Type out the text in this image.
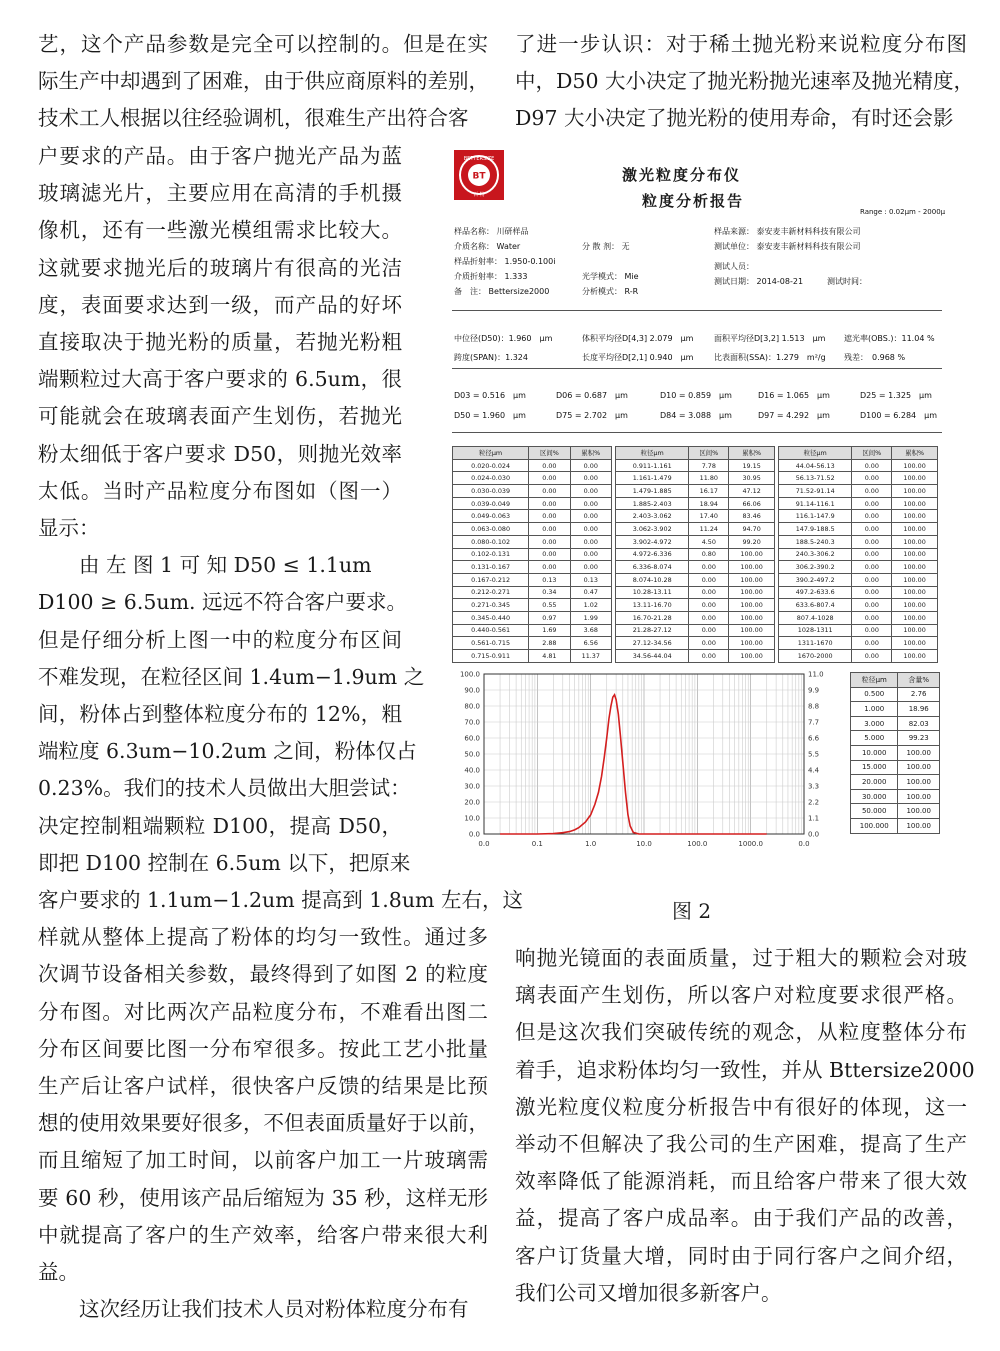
艺，这个产品参数是完全可以控制的。但是在实
际生产中却遇到了困难，由于供应商原料的差别，
技术工人根据以往经验调机，很难生产出符合客
户要求的产品。由于客户抛光产品为蓝
玻璃滤光片，主要应用在高清的手机摄
像机，还有一些激光模组需求比较大。
这就要求抛光后的玻璃片有很高的光洁
度，表面要求达到一级，而产品的好坏
直接取决于抛光粉的质量，若抛光粉粗
端颗粒过大高于客户要求的 6.5um，很
可能就会在玻璃表面产生划伤，若抛光
粉太细低于客户要求 D50，则抛光效率
太低。当时产品粒度分布图如（图一）
显示：
　　由 左 图 1 可 知 D50 ≤ 1.1um
D100 ≥ 6.5um. 远远不符合客户要求。
但是仔细分析上图一中的粒度分布区间
不难发现，在粒径区间 1.4um−1.9um 之
间，粉体占到整体粒度分布的 12%，粗
端粒度 6.3um−10.2um 之间，粉体仅占
0.23%。我们的技术人员做出大胆尝试：
决定控制粗端颗粒 D100，提高 D50，
即把 D100 控制在 6.5um 以下，把原来
客户要求的 1.1um−1.2um 提高到 1.8um 左右，这
样就从整体上提高了粉体的均匀一致性。通过多
次调节设备相关参数，最终得到了如图 2 的粒度
分布图。对比两次产品粒度分布，不难看出图二
分布区间要比图一分布窄很多。按此工艺小批量
生产后让客户试样，很快客户反馈的结果是比预
想的使用效果要好很多，不但表面质量好于以前，
而且缩短了加工时间，以前客户加工一片玻璃需
要 60 秒，使用该产品后缩短为 35 秒，这样无形
中就提高了客户的生产效率，给客户带来很大利
益。
　　这次经历让我们技术人员对粉体粒度分布有
了进一步认识：对于稀土抛光粉来说粒度分布图
中，D50 大小决定了抛光粉抛光速率及抛光精度，
D97 大小决定了抛光粉的使用寿命，有时还会影
响抛光镜面的表面质量，过于粗大的颗粒会对玻
璃表面产生划伤，所以客户对粒度要求很严格。
但是这次我们突破传统的观念，从粒度整体分布
着手，追求粉体均匀一致性，并从 Bttersize2000
激光粒度仪粒度分析报告中有很好的体现，这一
举动不但解决了我公司的生产困难，提高了生产
效率降低了能源消耗，而且给客户带来了很大效
益，提高了客户成品率。由于我们产品的改善，
客户订货量大增，同时由于同行客户之间介绍，
我们公司又增加很多新客户。
BT
BETTERSIZE
百 特
激光粒度分布仪
粒度分析报告
Range : 0.02μm - 2000μ
样品名称： 川研样品
介质名称： Water
样品折射率： 1.950-0.100i
介质折射率： 1.333
备　注： Bettersize2000
分 散 剂： 无
光学模式： Mie
分析模式： R-R
样品来源： 泰安麦丰新材料科技有限公司
测试单位： 泰安麦丰新材料科技有限公司
测试人员：
测试日期： 2014-08-21　　　测试时间：
中位径(D50)：1.960　μm	体积平均径D[4,3] 2.079　μm	面积平均径D[3,2] 1.513　μm 遮光率(OBS.)：11.04 %
跨度(SPAN)：1.324	长度平均径D[2,1] 0.940　μm	比表面积(SSA)：1.279　m²/g 残差：　0.968 %
D03 = 0.516　μm	D06 = 0.687　μm	D10 = 0.859　μm	D16 = 1.065　μm	D25 = 1.325　μm
D50 = 1.960　μm	D75 = 2.702　μm	D84 = 3.088　μm	D97 = 4.292　μm	D100 = 6.284　μm
粒径μm	区间%	累积%
0.020-0.024	0.00	0.00
0.024-0.030	0.00	0.00
0.030-0.039	0.00	0.00
0.039-0.049	0.00	0.00
0.049-0.063	0.00	0.00
0.063-0.080	0.00	0.00
0.080-0.102	0.00	0.00
0.102-0.131	0.00	0.00
0.131-0.167	0.00	0.00
0.167-0.212	0.13	0.13
0.212-0.271	0.34	0.47
0.271-0.345	0.55	1.02
0.345-0.440	0.97	1.99
0.440-0.561	1.69	3.68
0.561-0.715	2.88	6.56
0.715-0.911	4.81	11.37
粒径μm	区间%	累积%
0.911-1.161	7.78	19.15
1.161-1.479	11.80	30.95
1.479-1.885	16.17	47.12
1.885-2.403	18.94	66.06
2.403-3.062	17.40	83.46
3.062-3.902	11.24	94.70
3.902-4.972	4.50	99.20
4.972-6.336	0.80	100.00
6.336-8.074	0.00	100.00
8.074-10.28	0.00	100.00
10.28-13.11	0.00	100.00
13.11-16.70	0.00	100.00
16.70-21.28	0.00	100.00
21.28-27.12	0.00	100.00
27.12-34.56	0.00	100.00
34.56-44.04	0.00	100.00
粒径μm	区间%	累积%
44.04-56.13	0.00	100.00
56.13-71.52	0.00	100.00
71.52-91.14	0.00	100.00
91.14-116.1	0.00	100.00
116.1-147.9	0.00	100.00
147.9-188.5	0.00	100.00
188.5-240.3	0.00	100.00
240.3-306.2	0.00	100.00
306.2-390.2	0.00	100.00
390.2-497.2	0.00	100.00
497.2-633.6	0.00	100.00
633.6-807.4	0.00	100.00
807.4-1028	0.00	100.00
1028-1311	0.00	100.00
1311-1670	0.00	100.00
1670-2000	0.00	100.00
0.0
10.0
20.0
30.0
40.0
50.0
60.0
70.0
80.0
90.0
100.0
0.0
1.1
2.2
3.3
4.4
5.5
6.6
7.7
8.8
9.9
11.0
0.0	0.1	1.0	10.0	100.0	1000.0	0.0
粒径μm	含量%
0.500	2.76
1.000	18.96
3.000	82.03
5.000	99.23
10.000	100.00
15.000	100.00
20.000	100.00
30.000	100.00
50.000	100.00
100.000	100.00
图 2
